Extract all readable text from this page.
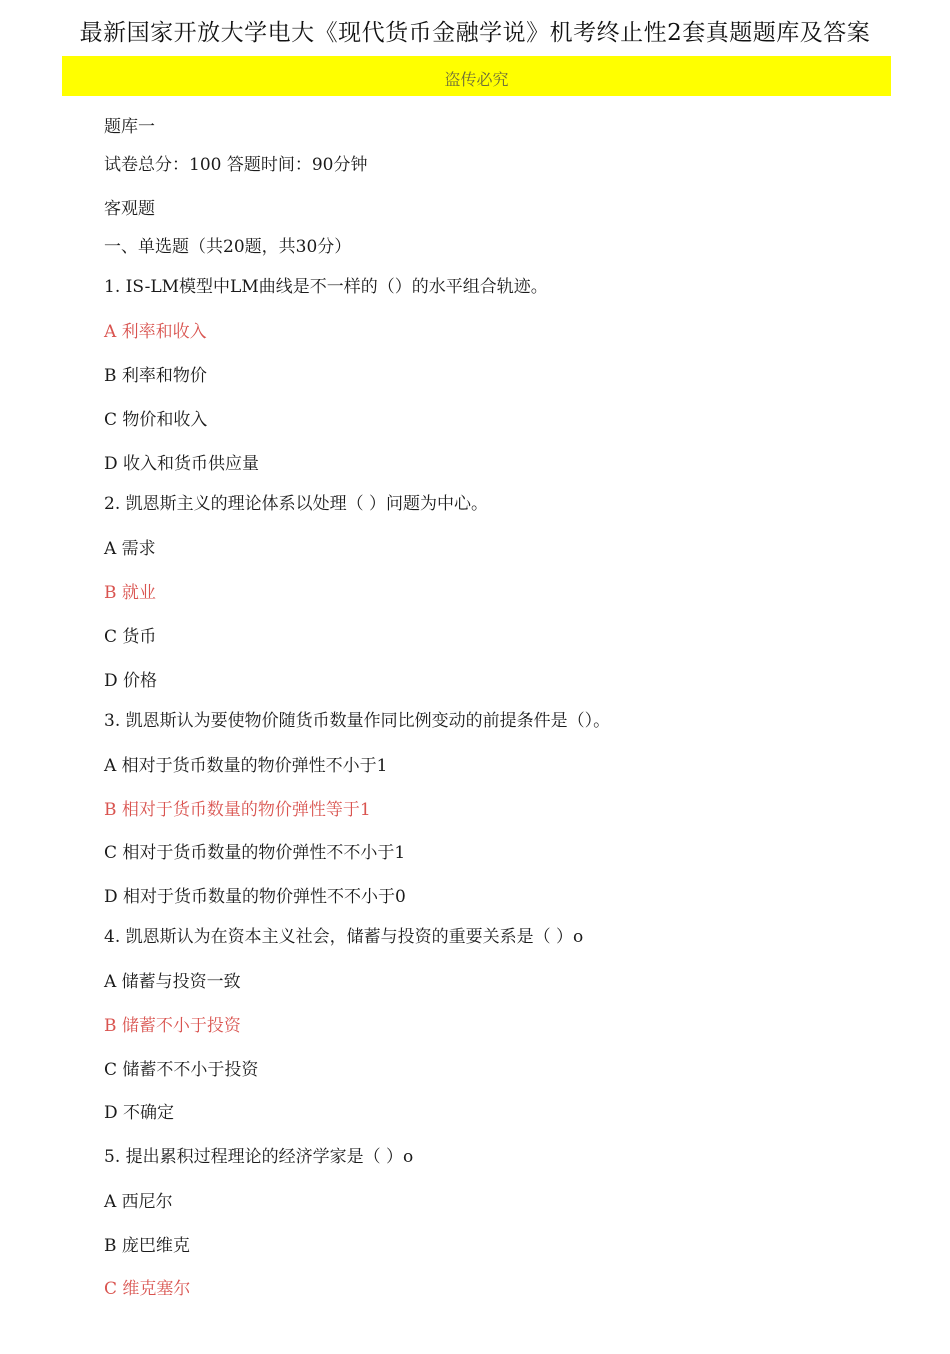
最新国家开放大学电大《现代货币金融学说》机考终止性2套真题题库及答案
盗传必究
题库一
试卷总分：100 答题时间：90分钟
客观题
一、单选题（共20题，共30分）
1. IS-LM模型中LM曲线是不一样的（）的水平组合轨迹。
A 利率和收入
B 利率和物价
C 物价和收入
D 收入和货币供应量
2. 凯恩斯主义的理论体系以处理（ ）问题为中心。
A 需求
B 就业
C 货币
D 价格
3. 凯恩斯认为要使物价随货币数量作同比例变动的前提条件是（）。
A 相对于货币数量的物价弹性不小于1
B 相对于货币数量的物价弹性等于1
C 相对于货币数量的物价弹性不不小于1
D 相对于货币数量的物价弹性不不小于0
4. 凯恩斯认为在资本主义社会，储蓄与投资的重要关系是（ ）o
A 储蓄与投资一致
B 储蓄不小于投资
C 储蓄不不小于投资
D 不确定
5. 提出累积过程理论的经济学家是（ ）o
A 西尼尔
B 庞巴维克
C 维克塞尔
